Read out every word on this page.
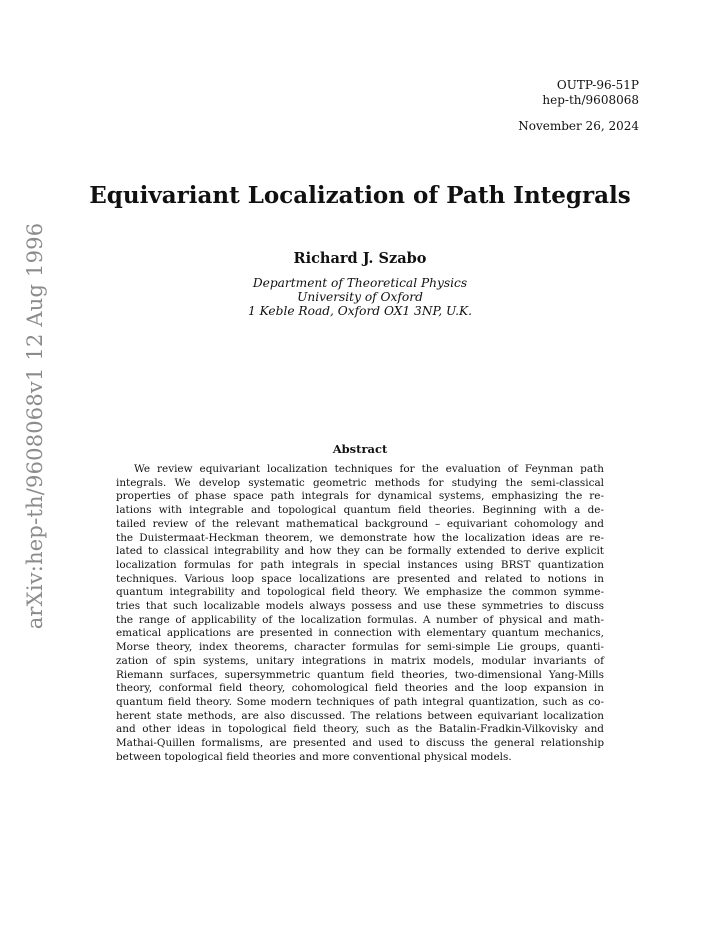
OUTP-96-51P
hep-th/9608068
November 26, 2024
arXiv:hep-th/9608068v1 12 Aug 1996
Equivariant Localization of Path Integrals
Richard J. Szabo
Department of Theoretical Physics
University of Oxford
1 Keble Road, Oxford OX1 3NP, U.K.
Abstract
We review equivariant localization techniques for the evaluation of Feynman path
integrals. We develop systematic geometric methods for studying the semi-classical
properties of phase space path integrals for dynamical systems, emphasizing the re-
lations with integrable and topological quantum field theories. Beginning with a de-
tailed review of the relevant mathematical background – equivariant cohomology and
the Duistermaat-Heckman theorem, we demonstrate how the localization ideas are re-
lated to classical integrability and how they can be formally extended to derive explicit
localization formulas for path integrals in special instances using BRST quantization
techniques. Various loop space localizations are presented and related to notions in
quantum integrability and topological field theory. We emphasize the common symme-
tries that such localizable models always possess and use these symmetries to discuss
the range of applicability of the localization formulas. A number of physical and math-
ematical applications are presented in connection with elementary quantum mechanics,
Morse theory, index theorems, character formulas for semi-simple Lie groups, quanti-
zation of spin systems, unitary integrations in matrix models, modular invariants of
Riemann surfaces, supersymmetric quantum field theories, two-dimensional Yang-Mills
theory, conformal field theory, cohomological field theories and the loop expansion in
quantum field theory. Some modern techniques of path integral quantization, such as co-
herent state methods, are also discussed. The relations between equivariant localization
and other ideas in topological field theory, such as the Batalin-Fradkin-Vilkovisky and
Mathai-Quillen formalisms, are presented and used to discuss the general relationship
between topological field theories and more conventional physical models.
